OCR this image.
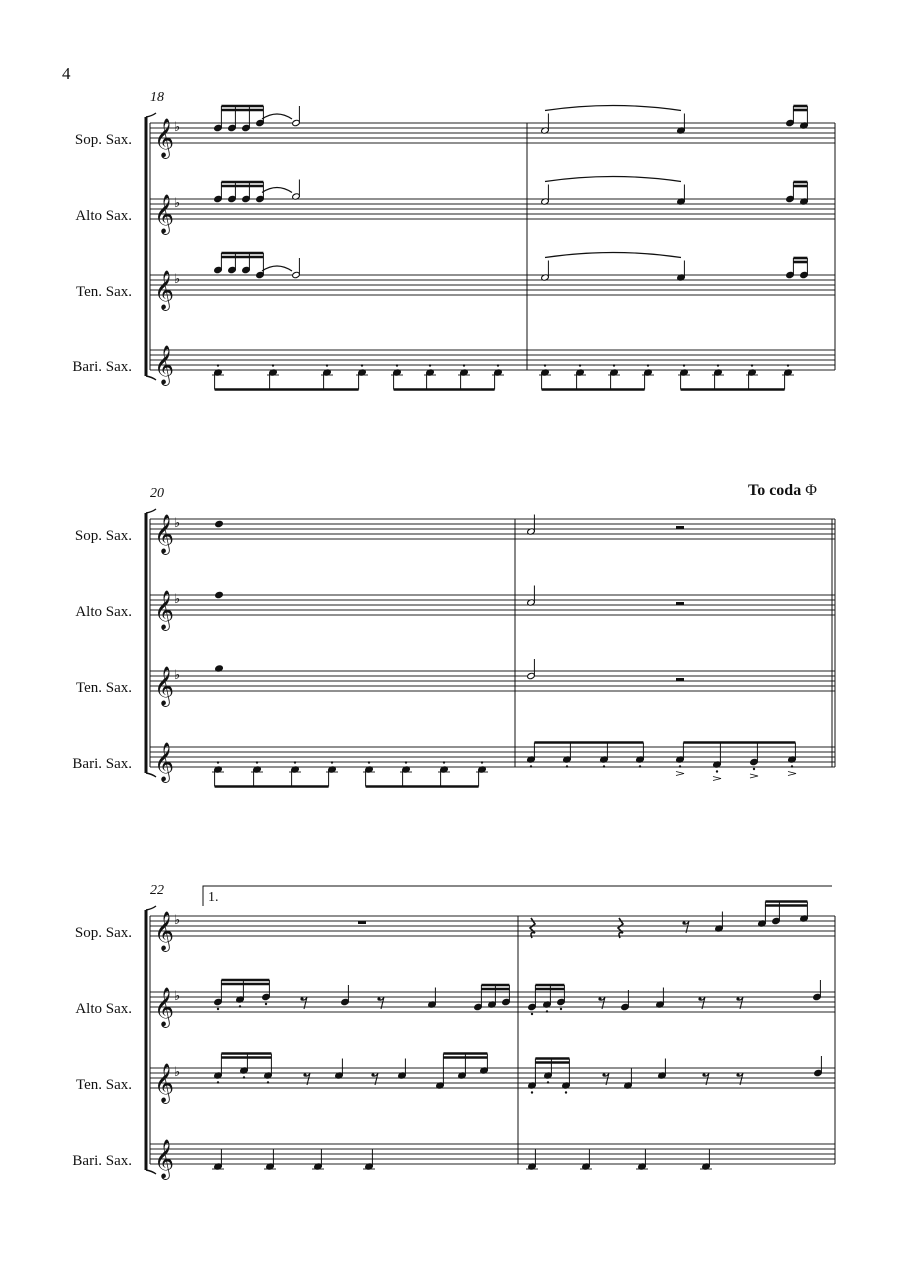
4
18
Sop. Sax.
Alto Sax.
Ten. Sax.
Bari. Sax.
20	To coda Φ
Sop. Sax.
Alto Sax.
Ten. Sax.
Bari. Sax.
22	1.
Sop. Sax.
Alto Sax.
Ten. Sax.
Bari. Sax.
𝄞 ♭
𝄞 ♭
𝄞 ♭
𝄞
𝄞 ♭
𝄞 ♭
𝄞 ♭
𝄞
𝄞 ♭
𝄞 ♭
𝄞 ♭
𝄞
